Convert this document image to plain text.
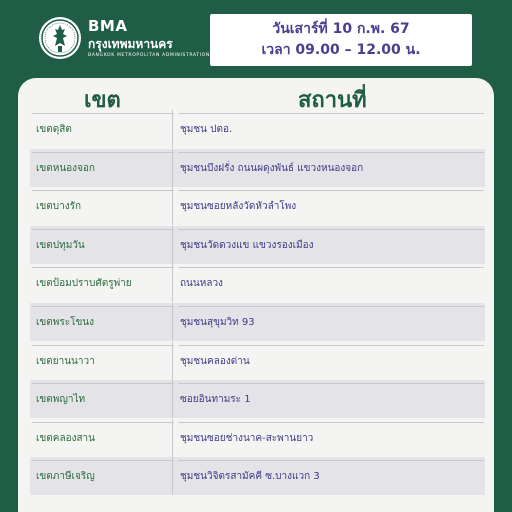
BMA
กรุงเทพมหานคร
BANGKOK METROPOLITAN ADMINISTRATION
วันเสาร์ที่ 10 ก.พ. 67
เวลา 09.00 – 12.00 น.
เขต	สถานที่
เขตดุสิต	ชุมชน ปตอ.
เขตหนองจอก	ชุมชนบึงฝรั่ง ถนนผดุงพันธ์ แขวงหนองจอก
เขตบางรัก	ชุมชนซอยหลังวัดหัวลำโพง
เขตปทุมวัน	ชุมชนวัดดวงแข แขวงรองเมือง
เขตป้อมปราบศัตรูพ่าย	ถนนหลวง
เขตพระโขนง	ชุมชนสุขุมวิท 93
เขตยานนาวา	ชุมชนคลองด่าน
เขตพญาไท	ซอยอินทามระ 1
เขตคลองสาน	ชุมชนซอยช่างนาค-สะพานยาว
เขตภาษีเจริญ	ชุมชนวิจิตรสามัคคี ซ.บางแวก 3
